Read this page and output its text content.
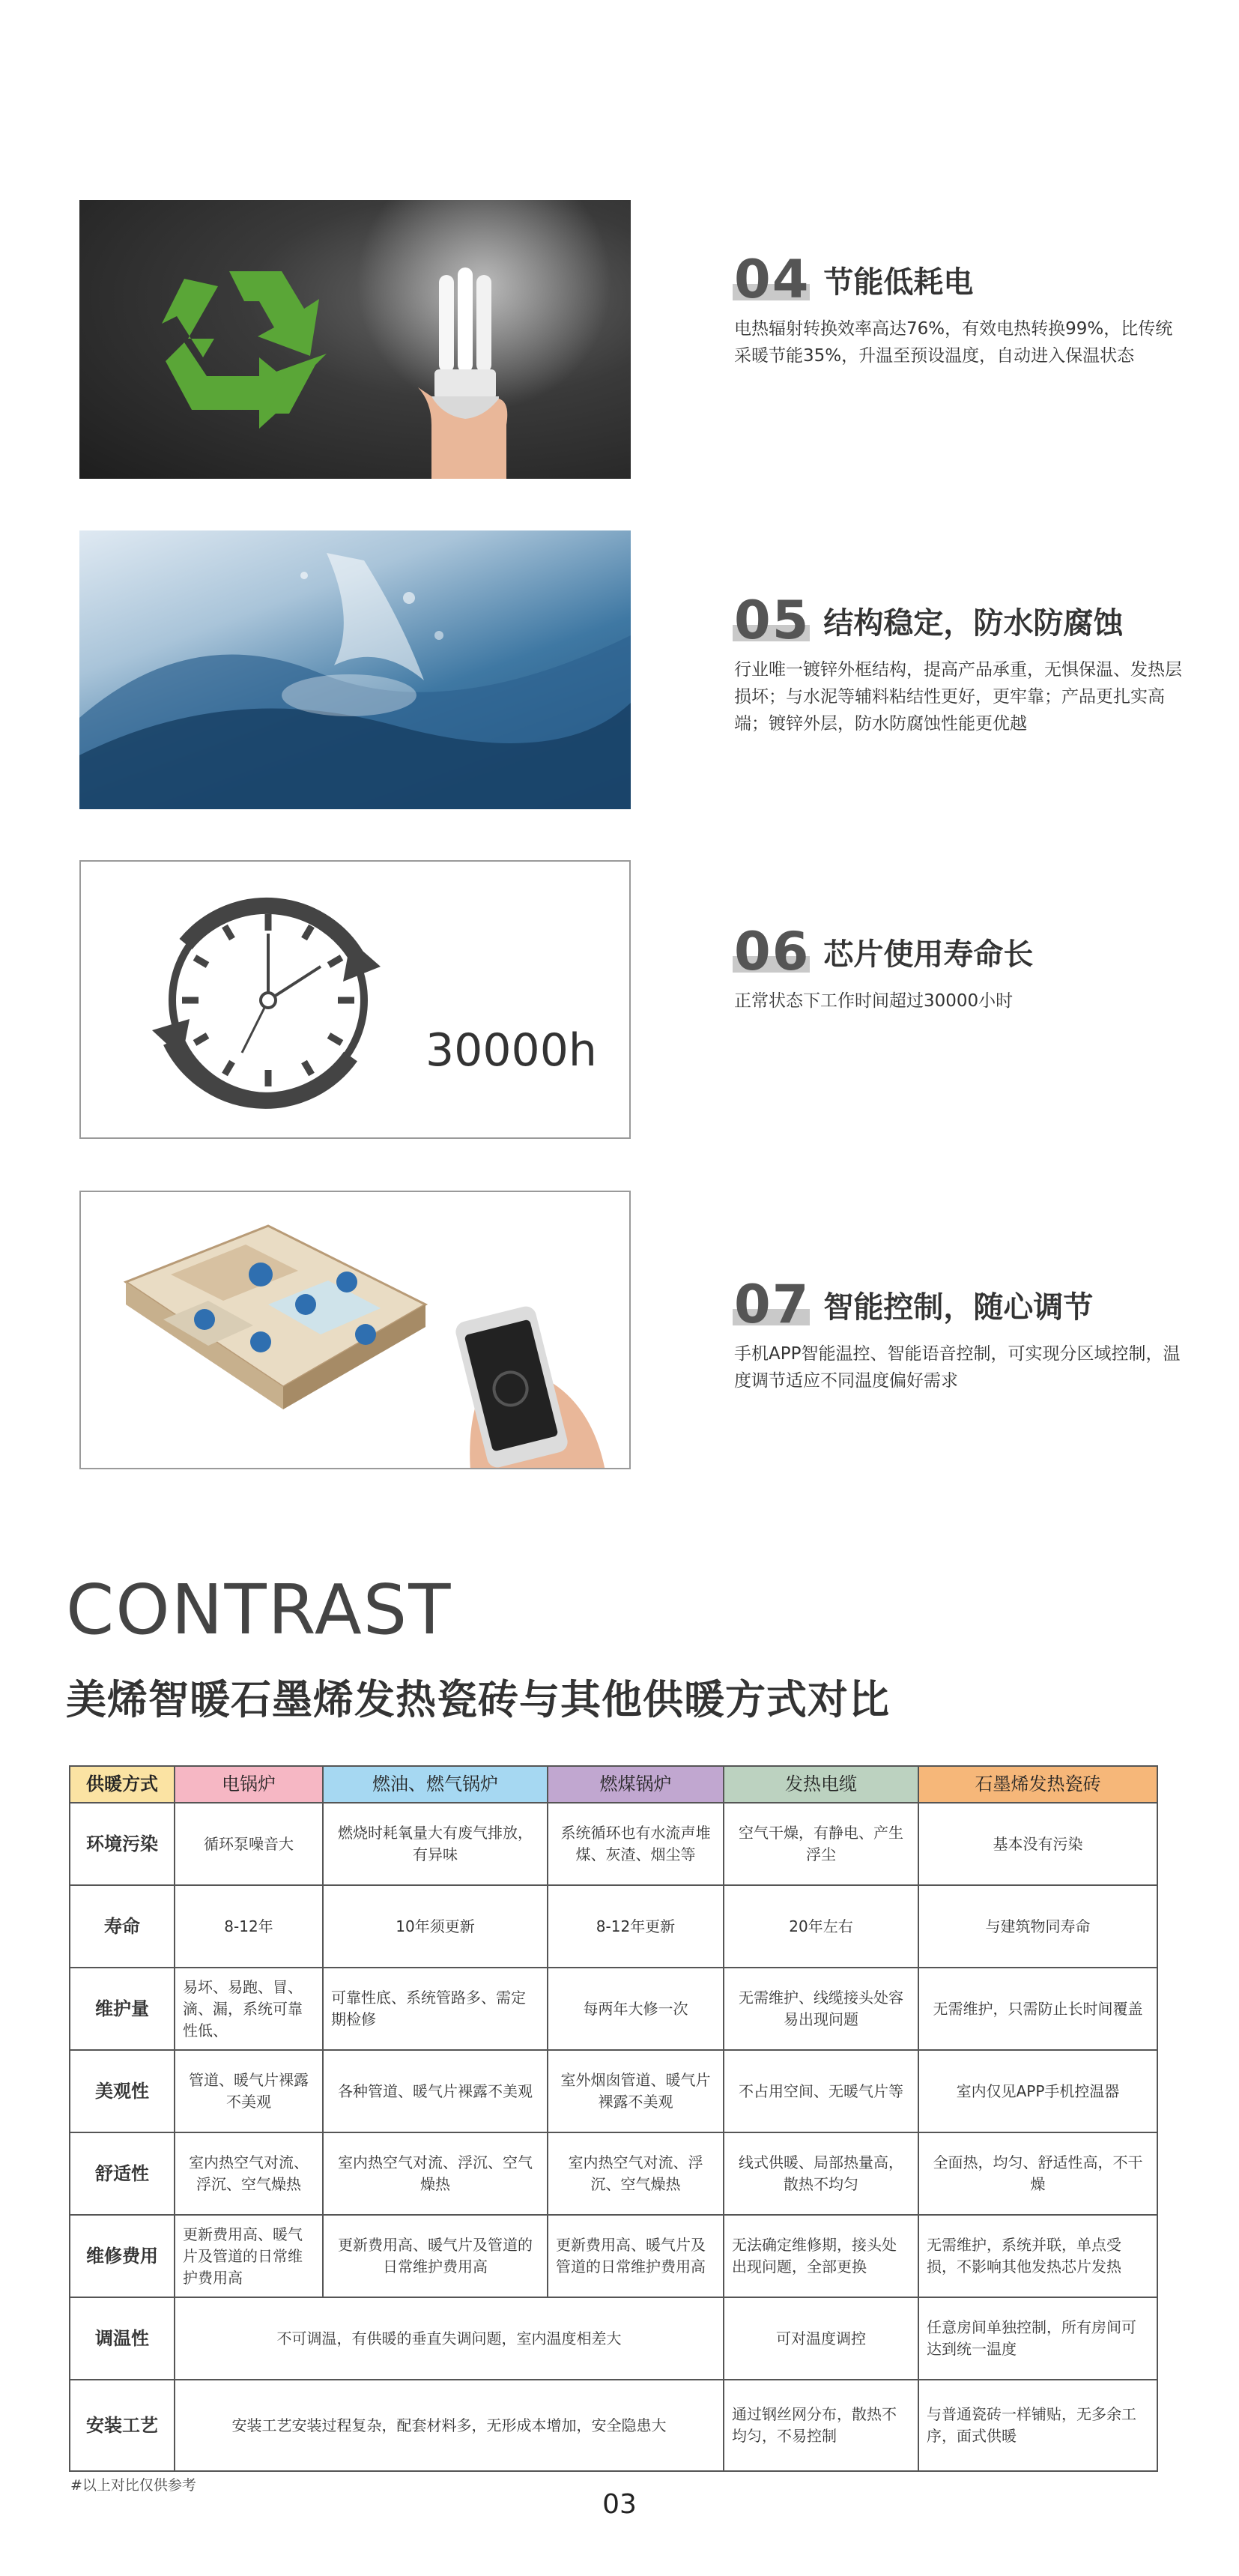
04 节能低耗电

电热辐射转换效率高达76%，有效电热转换99%，比传统采暖节能35%，升温至预设温度，自动进入保温状态

05 结构稳定，防水防腐蚀

行业唯一镀锌外框结构，提高产品承重，无惧保温、发热层损坏；与水泥等辅料粘结性更好，更牢靠；产品更扎实高端；镀锌外层，防水防腐蚀性能更优越

30000h
06 芯片使用寿命长

正常状态下工作时间超过30000小时

07 智能控制，随心调节

手机APP智能温控、智能语音控制，可实现分区域控制，温度调节适应不同温度偏好需求

CONTRAST
美烯智暖石墨烯发热瓷砖与其他供暖方式对比
供暖方式	电锅炉	燃油、燃气锅炉	燃煤锅炉	发热电缆	石墨烯发热瓷砖
环境污染	循环泵噪音大	燃烧时耗氧量大有废气排放，有异味	系统循环也有水流声堆煤、灰渣、烟尘等	空气干燥，有静电、产生浮尘	基本没有污染
寿命	8-12年	10年须更新	8-12年更新	20年左右	与建筑物同寿命
维护量	易坏、易跑、冒、滴、漏，系统可靠性低、	可靠性底、系统管路多、需定期检修	每两年大修一次	无需维护、线缆接头处容易出现问题	无需维护，只需防止长时间覆盖
美观性	管道、暖气片裸露不美观	各种管道、暖气片裸露不美观	室外烟囱管道、暖气片裸露不美观	不占用空间、无暖气片等	室内仅见APP手机控温器
舒适性	室内热空气对流、浮沉、空气燥热	室内热空气对流、浮沉、空气燥热	室内热空气对流、浮沉、空气燥热	线式供暖、局部热量高，散热不均匀	全面热，均匀、舒适性高，不干燥
维修费用	更新费用高、暖气片及管道的日常维护费用高	更新费用高、暖气片及管道的日常维护费用高	更新费用高、暖气片及管道的日常维护费用高	无法确定维修期，接头处出现问题，全部更换	无需维护，系统并联，单点受损，不影响其他发热芯片发热
调温性	不可调温，有供暖的垂直失调问题，室内温度相差大			可对温度调控	任意房间单独控制，所有房间可达到统一温度
安装工艺	安装工艺安装过程复杂，配套材料多，无形成本增加，安全隐患大			通过钢丝网分布，散热不均匀，不易控制	与普通瓷砖一样铺贴，无多余工序，面式供暖
#以上对比仅供参考
03
